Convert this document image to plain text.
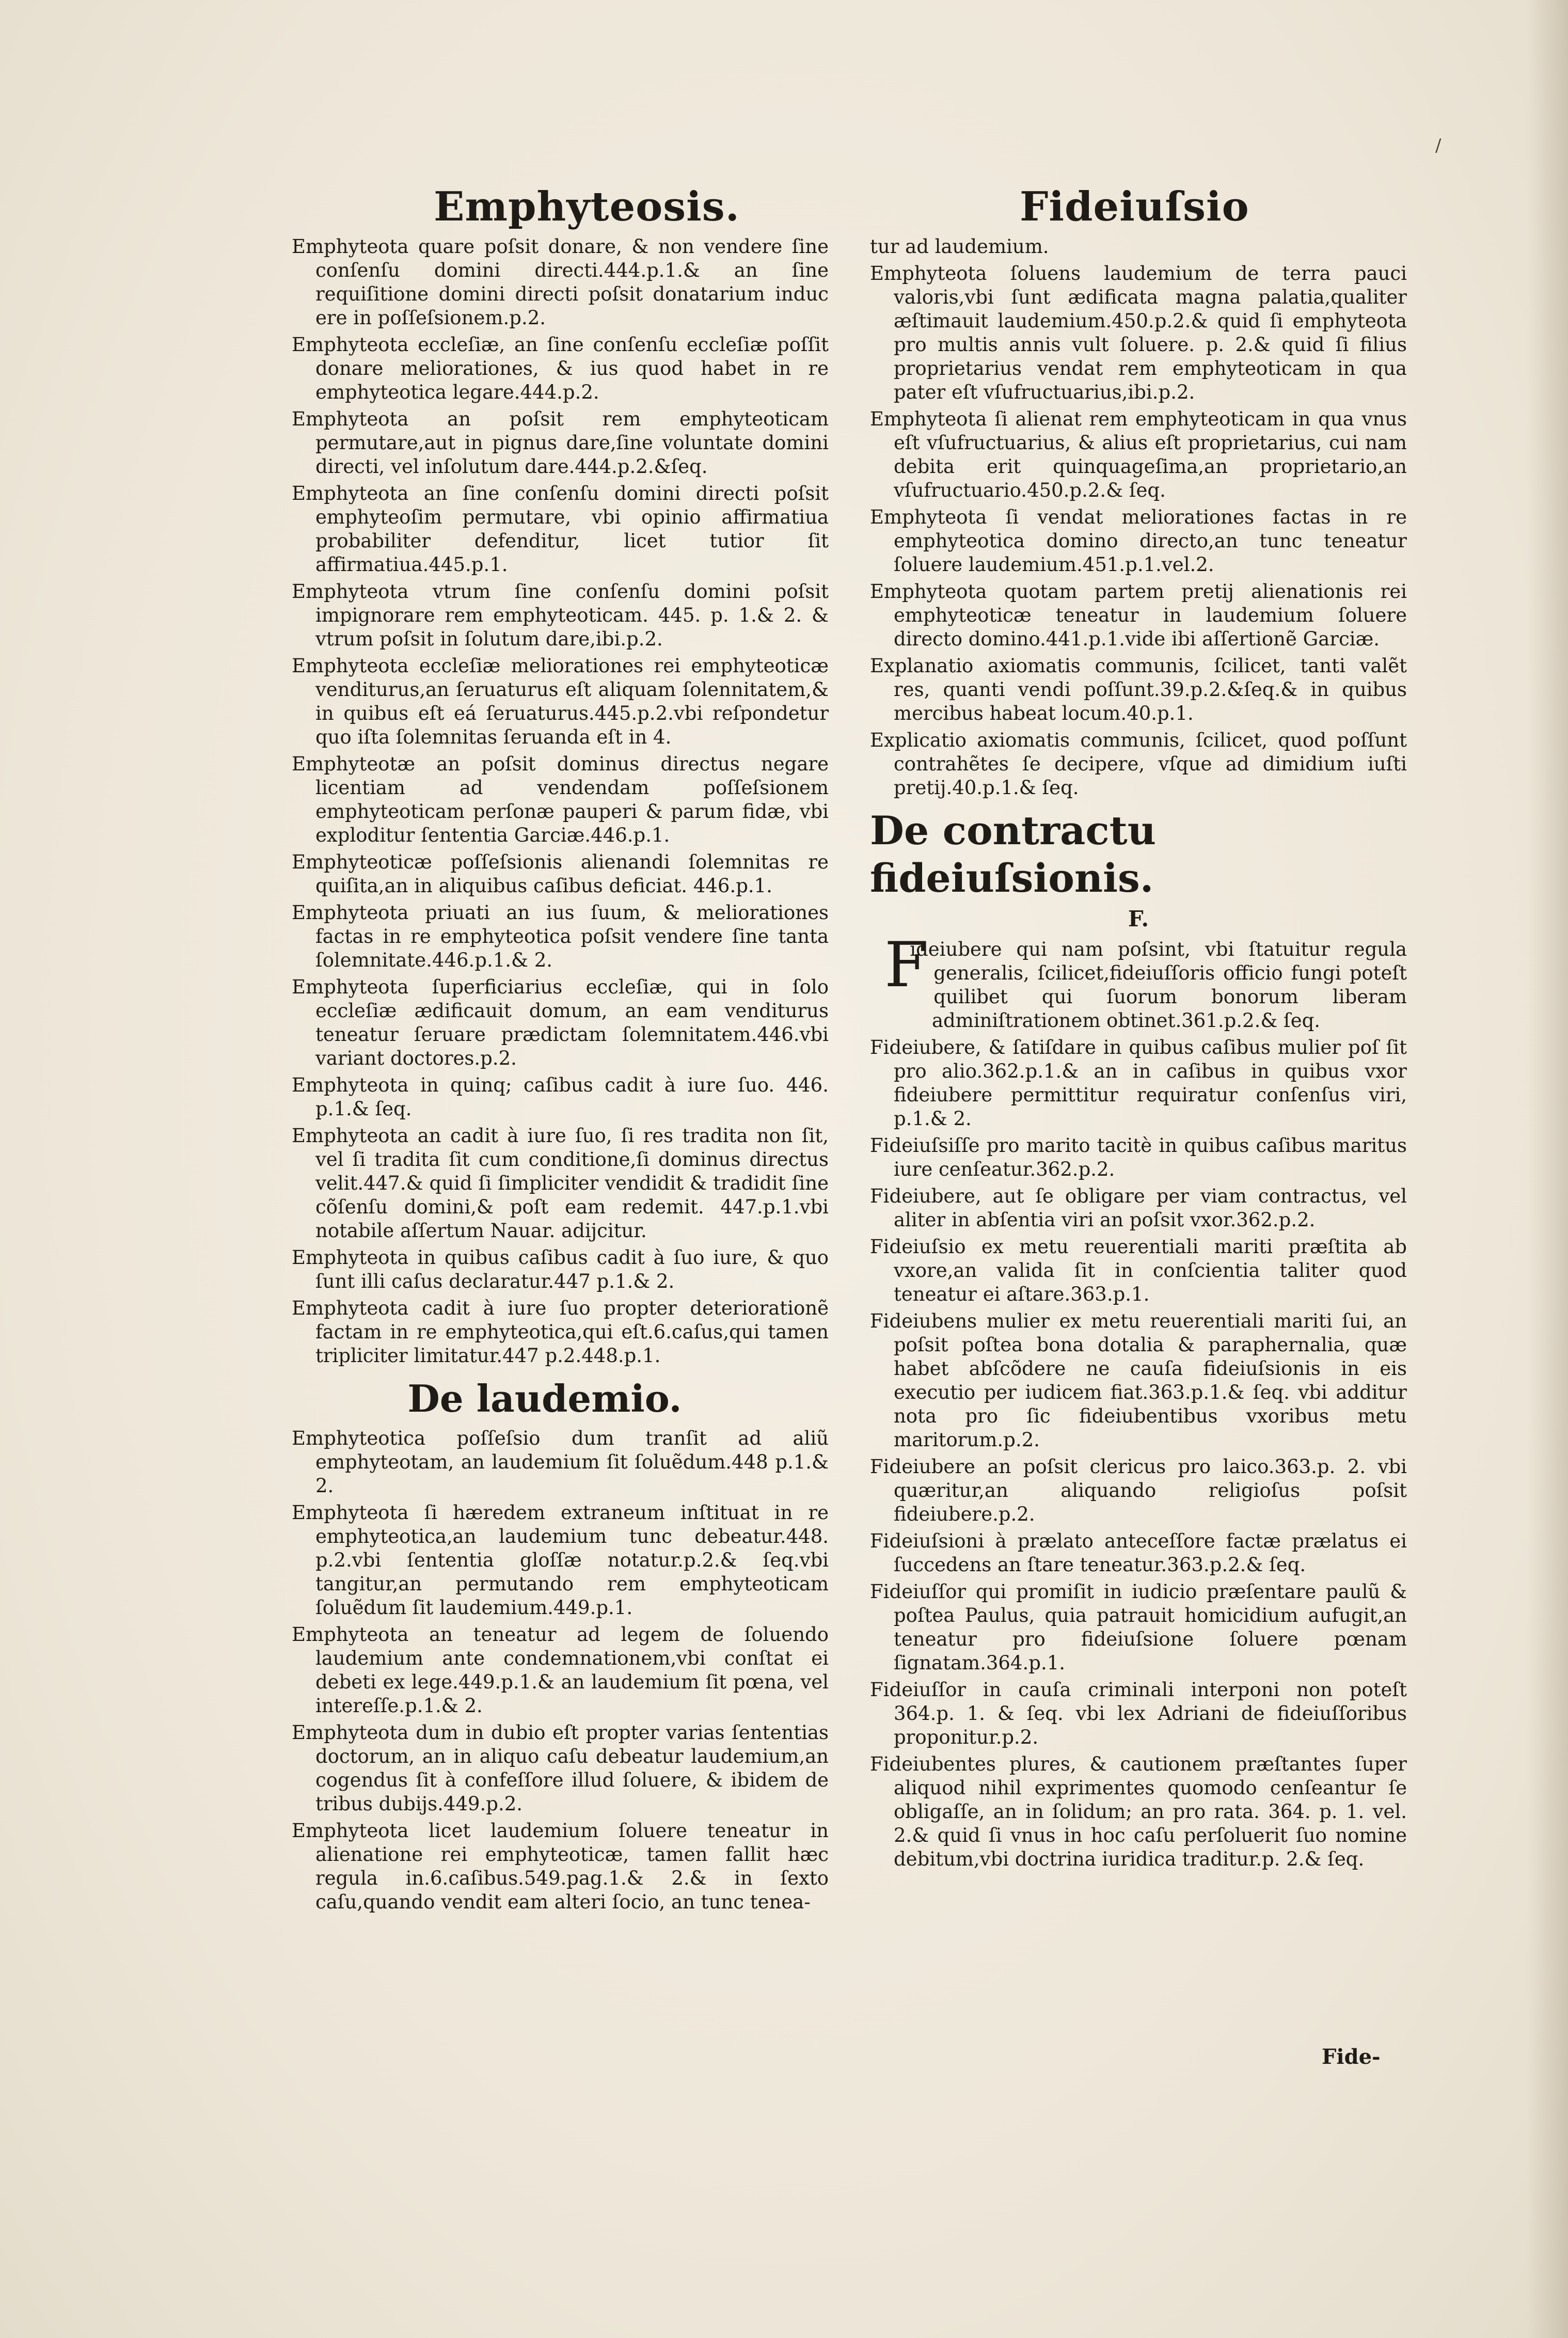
/
Emphyteosis.	Fideiuſsio

Emphyteota quare poſsit donare, & non vendere ſine conſenſu domini directi.444.p.1.& an ſine requiſitione domini directi poſsit donatarium induc ere in poſſeſsionem.p.2.

Emphyteota eccleſiæ, an ſine conſenſu eccleſiæ poſſit donare meliorationes, & ius quod habet in re emphyteotica legare.444.p.2.

Emphyteota an poſsit rem emphyteoticam permutare,aut in pignus dare,ſine voluntate domini directi, vel inſolutum dare.444.p.2.&ſeq.

Emphyteota an ſine conſenſu domini directi poſsit emphyteoſim permutare, vbi opinio affirmatiua probabiliter defenditur, licet tutior ſit affirmatiua.445.p.1.

Emphyteota vtrum ſine conſenſu domini poſsit impignorare rem emphyteoticam. 445. p. 1.& 2. & vtrum poſsit in ſolutum dare,ibi.p.2.

Emphyteota eccleſiæ meliorationes rei emphyteoticæ venditurus,an ſeruaturus eſt aliquam ſolennitatem,& in quibus eſt eá ſeruaturus.445.p.2.vbi reſpondetur quo iſta ſolemnitas ſeruanda eſt in 4.

Emphyteotæ an poſsit dominus directus negare licentiam ad vendendam poſſeſsionem emphyteoticam perſonæ pauperi & parum fidæ, vbi exploditur ſententia Garciæ.446.p.1.

Emphyteoticæ poſſeſsionis alienandi ſolemnitas re quiſita,an in aliquibus caſibus deficiat. 446.p.1.

Emphyteota priuati an ius ſuum, & meliorationes factas in re emphyteotica poſsit vendere ſine tanta ſolemnitate.446.p.1.& 2.

Emphyteota ſuperficiarius eccleſiæ, qui in ſolo eccleſiæ ædificauit domum, an eam venditurus teneatur ſeruare prædictam ſolemnitatem.446.vbi variant doctores.p.2.

Emphyteota in quinq; caſibus cadit à iure ſuo. 446. p.1.& ſeq.

Emphyteota an cadit à iure ſuo, ſi res tradita non ſit, vel ſi tradita ſit cum conditione,ſi dominus directus velit.447.& quid ſi ſimpliciter vendidit & tradidit ſine cõſenſu domini,& poſt eam redemit. 447.p.1.vbi notabile aſſertum Nauar. adijcitur.

Emphyteota in quibus caſibus cadit à ſuo iure, & quo ſunt illi caſus declaratur.447 p.1.& 2.

Emphyteota cadit à iure ſuo propter deteriorationẽ factam in re emphyteotica,qui eſt.6.caſus,qui tamen tripliciter limitatur.447 p.2.448.p.1.

De laudemio.

Emphyteotica poſſeſsio dum tranſit ad aliũ emphyteotam, an laudemium ſit ſoluẽdum.448 p.1.& 2.

Emphyteota ſi hæredem extraneum inſtituat in re emphyteotica,an laudemium tunc debeatur.448. p.2.vbi ſententia gloſſæ notatur.p.2.& ſeq.vbi tangitur,an permutando rem emphyteoticam ſoluẽdum ſit laudemium.449.p.1.

Emphyteota an teneatur ad legem de ſoluendo laudemium ante condemnationem,vbi conſtat ei debeti ex lege.449.p.1.& an laudemium ſit pœna, vel intereſſe.p.1.& 2.

Emphyteota dum in dubio eſt propter varias ſententias doctorum, an in aliquo caſu debeatur laudemium,an cogendus ſit à confeſſore illud ſoluere, & ibidem de tribus dubijs.449.p.2.

Emphyteota licet laudemium ſoluere teneatur in alienatione rei emphyteoticæ, tamen fallit hæc regula in.6.caſibus.549.pag.1.& 2.& in ſexto caſu,quando vendit eam alteri ſocio, an tunc tenea-

tur ad laudemium.

Emphyteota ſoluens laudemium de terra pauci valoris,vbi ſunt ædificata magna palatia,qualiter æſtimauit laudemium.450.p.2.& quid ſi emphyteota pro multis annis vult ſoluere. p. 2.& quid ſi filius proprietarius vendat rem emphyteoticam in qua pater eſt vſufructuarius,ibi.p.2.

Emphyteota ſi alienat rem emphyteoticam in qua vnus eſt vſufructuarius, & alius eſt proprietarius, cui nam debita erit quinquageſima,an proprietario,an vſufructuario.450.p.2.& ſeq.

Emphyteota ſi vendat meliorationes factas in re emphyteotica domino directo,an tunc teneatur ſoluere laudemium.451.p.1.vel.2.

Emphyteota quotam partem pretij alienationis rei emphyteoticæ teneatur in laudemium ſoluere directo domino.441.p.1.vide ibi aſſertionẽ Garciæ.

Explanatio axiomatis communis, ſcilicet, tanti valẽt res, quanti vendi poſſunt.39.p.2.&ſeq.& in quibus mercibus habeat locum.40.p.1.

Explicatio axiomatis communis, ſcilicet, quod poſſunt contrahẽtes ſe decipere, vſque ad dimidium iuſti pretij.40.p.1.& ſeq.

De contractu fideiuſsionis.
F.

Fideiubere qui nam poſsint, vbi ſtatuitur regula generalis, ſcilicet,fideiuſſoris officio fungi poteſt quilibet qui ſuorum bonorum liberam adminiſtrationem obtinet.361.p.2.& ſeq.

Fideiubere, & ſatiſdare in quibus caſibus mulier poſ ſit pro alio.362.p.1.& an in caſibus in quibus vxor fideiubere permittitur requiratur conſenſus viri, p.1.& 2.

Fideiuſsiſſe pro marito tacitè in quibus caſibus maritus iure cenſeatur.362.p.2.

Fideiubere, aut ſe obligare per viam contractus, vel aliter in abſentia viri an poſsit vxor.362.p.2.

Fideiuſsio ex metu reuerentiali mariti præſtita ab vxore,an valida ſit in conſcientia taliter quod teneatur ei aſtare.363.p.1.

Fideiubens mulier ex metu reuerentiali mariti ſui, an poſsit poſtea bona dotalia & paraphernalia, quæ habet abſcõdere ne cauſa fideiuſsionis in eis executio per iudicem fiat.363.p.1.& ſeq. vbi additur nota pro ſic fideiubentibus vxoribus metu maritorum.p.2.

Fideiubere an poſsit clericus pro laico.363.p. 2. vbi quæritur,an aliquando religioſus poſsit fideiubere.p.2.

Fideiuſsioni à prælato anteceſſore factæ prælatus ei ſuccedens an ſtare teneatur.363.p.2.& ſeq.

Fideiuſſor qui promiſit in iudicio præſentare paulũ & poſtea Paulus, quia patrauit homicidium aufugit,an teneatur pro fideiuſsione ſoluere pœnam ſignatam.364.p.1.

Fideiuſſor in cauſa criminali interponi non poteſt 364.p. 1. & ſeq. vbi lex Adriani de fideiuſſoribus proponitur.p.2.

Fideiubentes plures, & cautionem præſtantes ſuper aliquod nihil exprimentes quomodo cenſeantur ſe obligaſſe, an in ſolidum; an pro rata. 364. p. 1. vel. 2.& quid ſi vnus in hoc caſu perſoluerit ſuo nomine debitum,vbi doctrina iuridica traditur.p. 2.& ſeq.

Fide-
